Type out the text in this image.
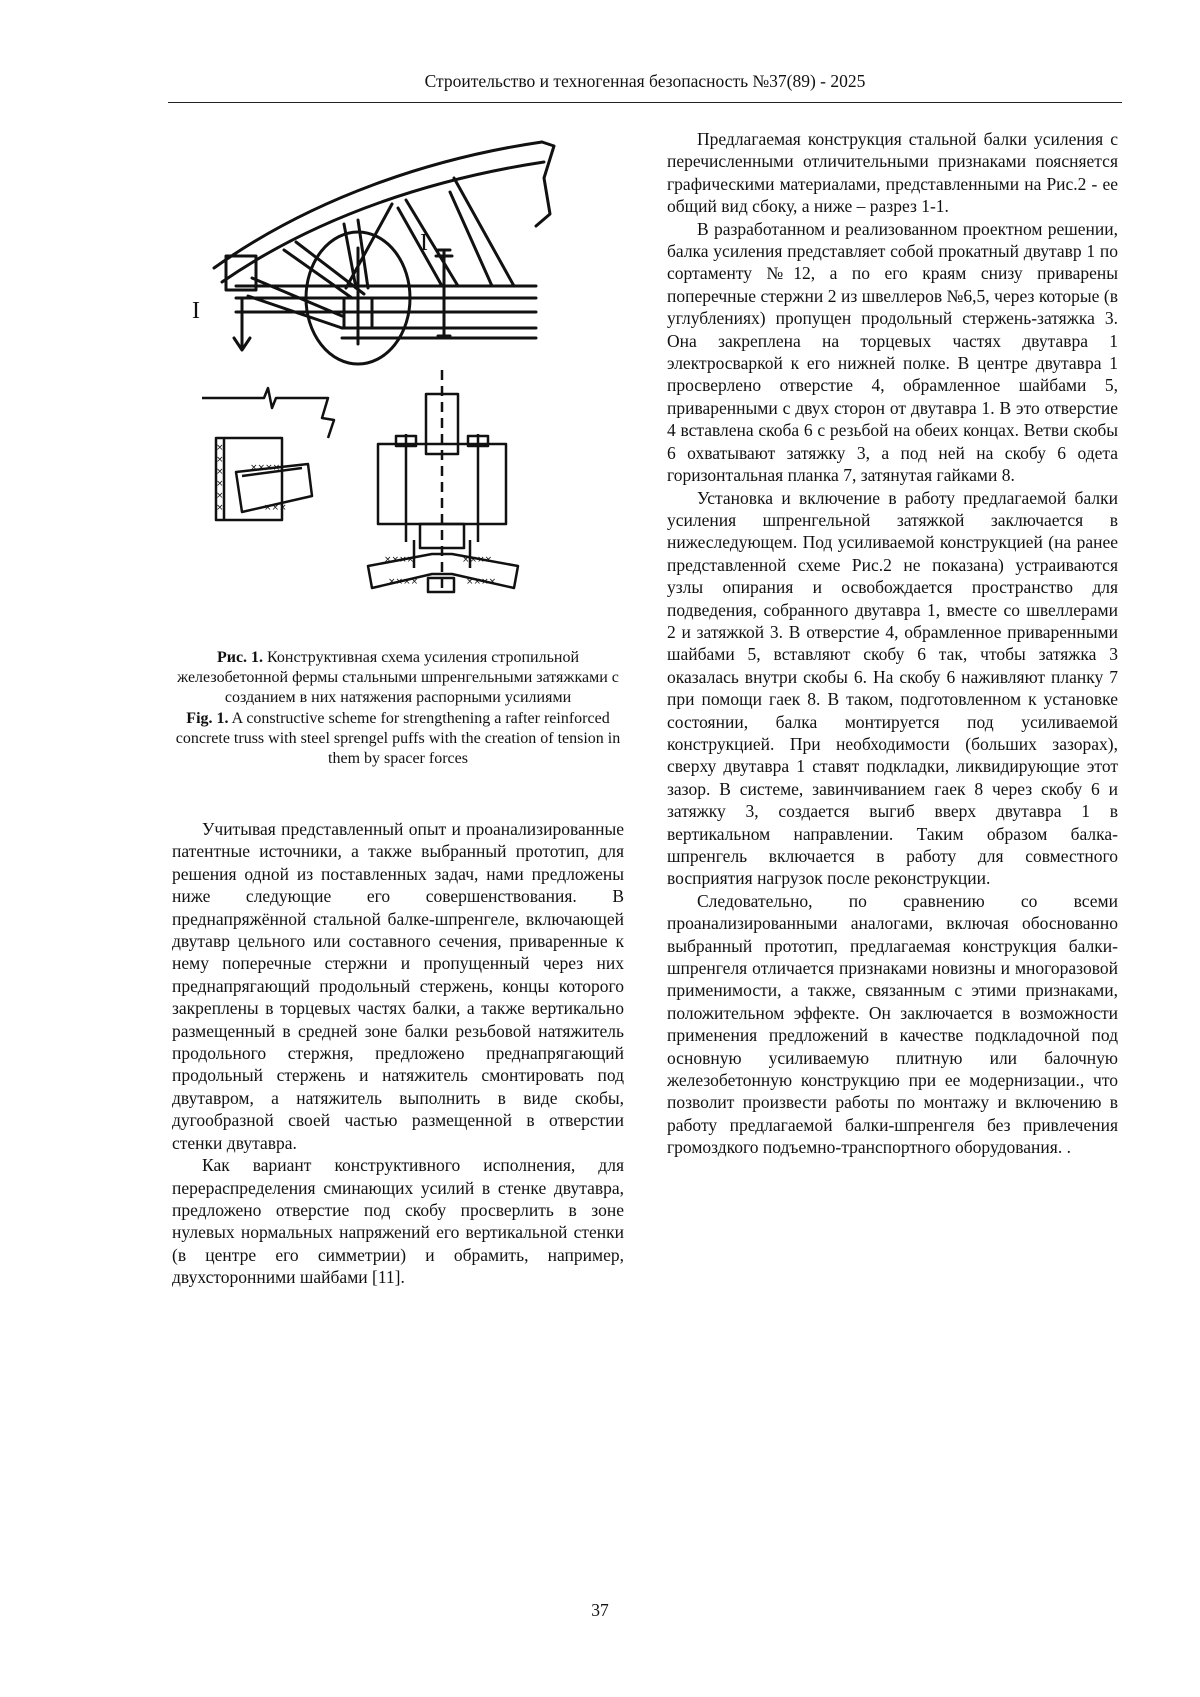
Строительство и техногенная безопасность №37(89) - 2025
I
I
×
×
×
×
×
×
××××
×××
××××	××××
××××	××××
Рис. 1. Конструктивная схема усиления стропильной железобетонной фермы стальными шпренгельными затяжками с созданием в них натяжения распорными усилиями
Fig. 1. A constructive scheme for strengthening a rafter reinforced concrete truss with steel sprengel puffs with the creation of tension in them by spacer forces

Учитывая представленный опыт и проанализированные патентные источники, а также выбранный прототип, для решения одной из поставленных задач, нами предложены ниже следующие его совершенствования. В преднапряжённой стальной балке-шпренгеле, включающей двутавр цельного или составного сечения, приваренные к нему поперечные стержни и пропущенный через них преднапрягающий продольный стержень, концы которого закреплены в торцевых частях балки, а также вертикально размещенный в средней зоне балки резьбовой натяжитель продольного стержня, предложено преднапрягающий продольный стержень и натяжитель смонтировать под двутавром, а натяжитель выполнить в виде скобы, дугообразной своей частью размещенной в отверстии стенки двутавра.

Как вариант конструктивного исполнения, для перераспределения сминающих усилий в стенке двутавра, предложено отверстие под скобу просверлить в зоне нулевых нормальных напряжений его вертикальной стенки (в центре его симметрии) и обрамить, например, двухсторонними шайбами [11].

Предлагаемая конструкция стальной балки усиления с перечисленными отличительными признаками поясняется графическими материалами, представленными на Рис.2 - ее общий вид сбоку, а ниже – разрез 1-1.

В разработанном и реализованном проектном решении, балка усиления представляет собой прокатный двутавр 1 по сортаменту №12, а по его краям снизу приварены поперечные стержни 2 из швеллеров №6,5, через которые (в углублениях) пропущен продольный стержень-затяжка 3. Она закреплена на торцевых частях двутавра 1 электросваркой к его нижней полке. В центре двутавра 1 просверлено отверстие 4, обрамленное шайбами 5, приваренными с двух сторон от двутавра 1. В это отверстие 4 вставлена скоба 6 с резьбой на обеих концах. Ветви скобы 6 охватывают затяжку 3, а под ней на скобу 6 одета горизонтальная планка 7, затянутая гайками 8.

Установка и включение в работу предлагаемой балки усиления шпренгельной затяжкой заключается в нижеследующем. Под усиливаемой конструкцией (на ранее представленной схеме Рис.2 не показана) устраиваются узлы опирания и освобождается пространство для подведения, собранного двутавра 1, вместе со швеллерами 2 и затяжкой 3. В отверстие 4, обрамленное приваренными шайбами 5, вставляют скобу 6 так, чтобы затяжка 3 оказалась внутри скобы 6. На скобу 6 наживляют планку 7 при помощи гаек 8. В таком, подготовленном к установке состоянии, балка монтируется под усиливаемой конструкцией. При необходимости (больших зазорах), сверху двутавра 1 ставят подкладки, ликвидирующие этот зазор. В системе, завинчиванием гаек 8 через скобу 6 и затяжку 3, создается выгиб вверх двутавра 1 в вертикальном направлении. Таким образом балка-шпренгель включается в работу для совместного восприятия нагрузок после реконструкции.

Следовательно, по сравнению со всеми проанализированными аналогами, включая обоснованно выбранный прототип, предлагаемая конструкция балки-шпренгеля отличается признаками новизны и многоразовой применимости, а также, связанным с этими признаками, положительном эффекте. Он заключается в возможности применения предложений в качестве подкладочной под основную усиливаемую плитную или балочную железобетонную конструкцию при ее модернизации., что позволит произвести работы по монтажу и включению в работу предлагаемой балки-шпренгеля без привлечения громоздкого подъемно-транспортного оборудования. .

37
